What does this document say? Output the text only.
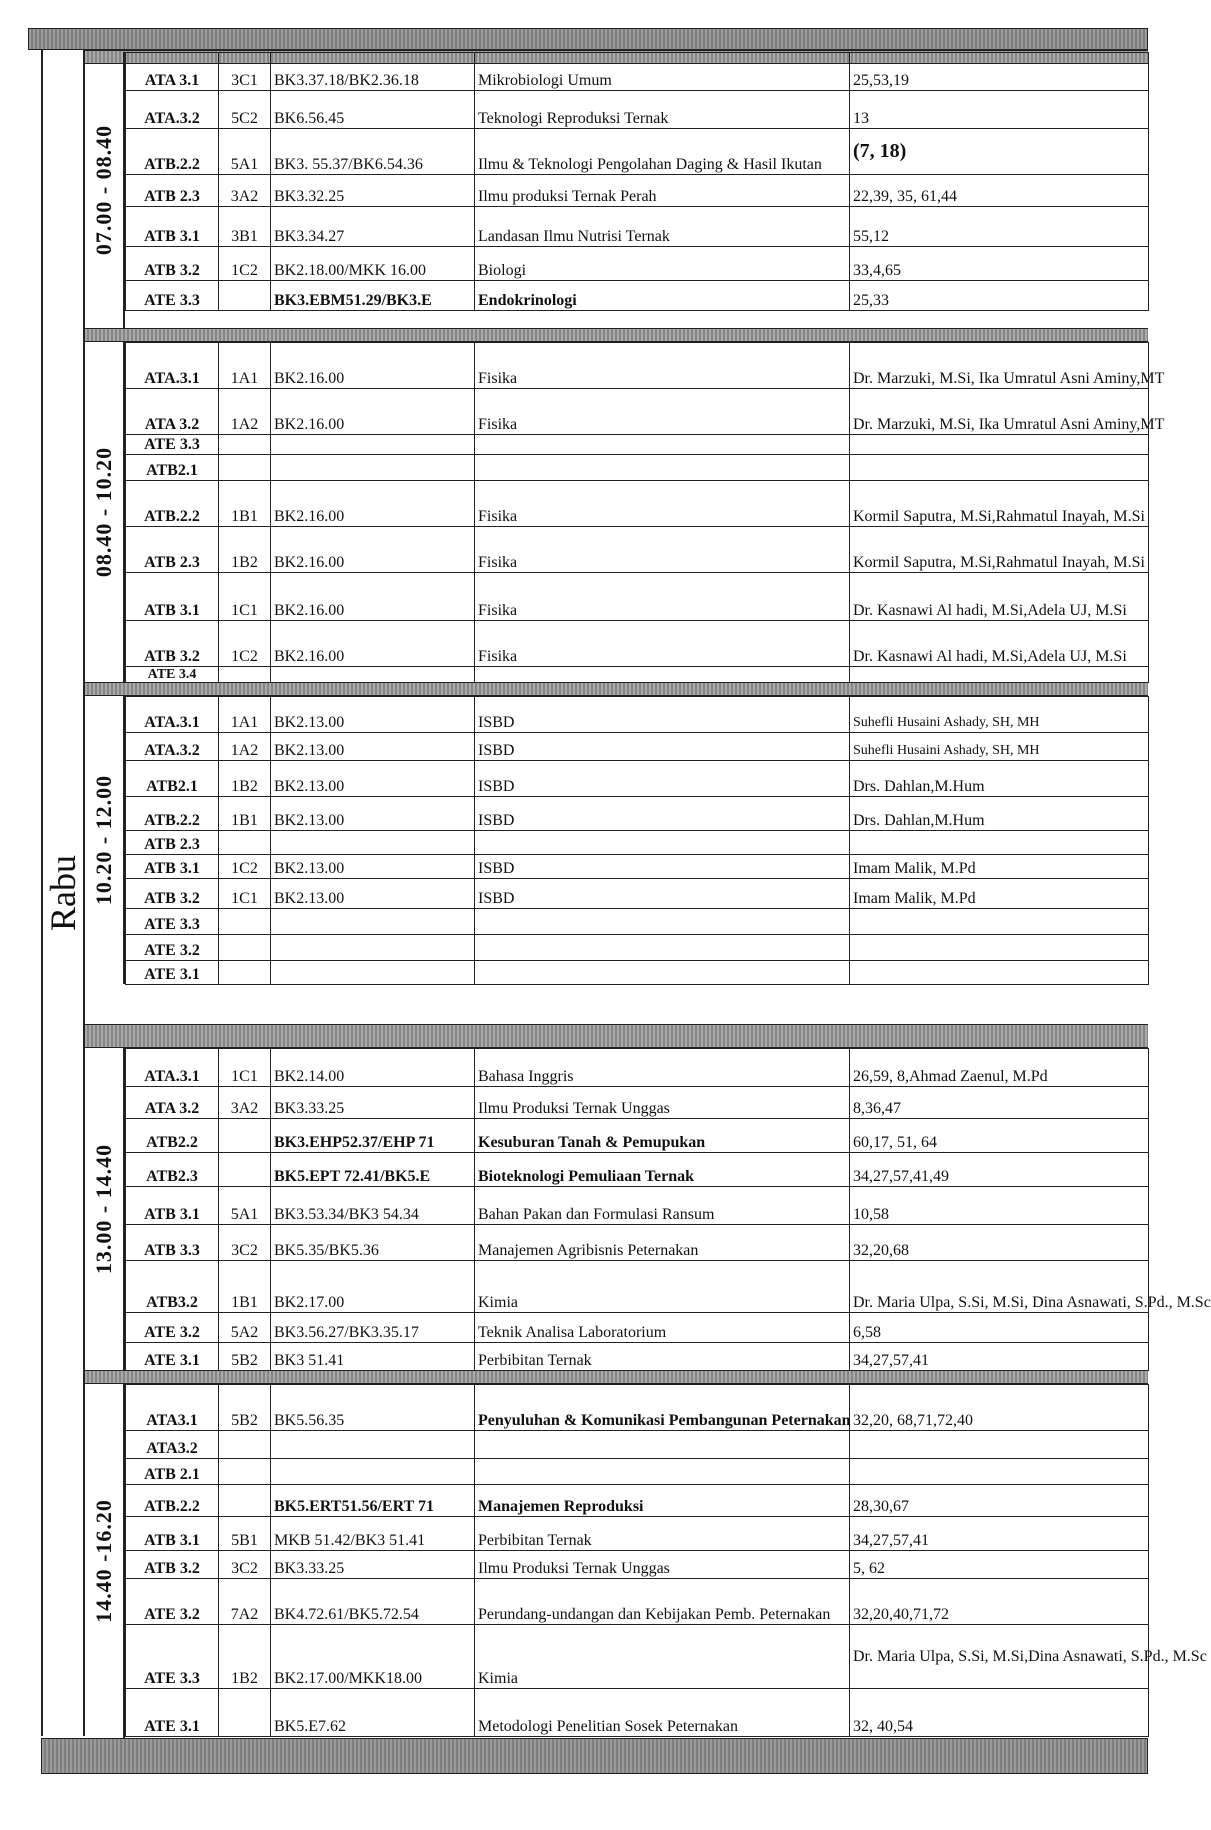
Rabu
07.00 - 08.40
ATA 3.1	3C1	BK3.37.18/BK2.36.18	Mikrobiologi Umum	25,53,19
ATA.3.2	5C2	BK6.56.45	Teknologi Reproduksi Ternak	13
ATB.2.2	5A1	BK3. 55.37/BK6.54.36	Ilmu & Teknologi Pengolahan Daging & Hasil Ikutan	(7, 18)
ATB 2.3	3A2	BK3.32.25	Ilmu produksi Ternak Perah	22,39, 35, 61,44
ATB 3.1	3B1	BK3.34.27	Landasan Ilmu Nutrisi Ternak	55,12
ATB 3.2	1C2	BK2.18.00/MKK 16.00	Biologi	33,4,65
ATE 3.3		BK3.EBM51.29/BK3.E	Endokrinologi	25,33
08.40 - 10.20
ATA.3.1	1A1	BK2.16.00	Fisika	Dr. Marzuki, M.Si, Ika Umratul Asni Aminy,MT
ATA 3.2	1A2	BK2.16.00	Fisika	Dr. Marzuki, M.Si, Ika Umratul Asni Aminy,MT
ATE 3.3				
ATB2.1				
ATB.2.2	1B1	BK2.16.00	Fisika	Kormil Saputra, M.Si,Rahmatul Inayah, M.Si
ATB 2.3	1B2	BK2.16.00	Fisika	Kormil Saputra, M.Si,Rahmatul Inayah, M.Si
ATB 3.1	1C1	BK2.16.00	Fisika	Dr. Kasnawi Al hadi, M.Si,Adela UJ, M.Si
ATB 3.2	1C2	BK2.16.00	Fisika	Dr. Kasnawi Al hadi, M.Si,Adela UJ, M.Si
ATE 3.4				
10.20 - 12.00
ATA.3.1	1A1	BK2.13.00	ISBD	Suhefli Husaini Ashady, SH, MH
ATA.3.2	1A2	BK2.13.00	ISBD	Suhefli Husaini Ashady, SH, MH
ATB2.1	1B2	BK2.13.00	ISBD	Drs. Dahlan,M.Hum
ATB.2.2	1B1	BK2.13.00	ISBD	Drs. Dahlan,M.Hum
ATB 2.3				
ATB 3.1	1C2	BK2.13.00	ISBD	Imam Malik, M.Pd
ATB 3.2	1C1	BK2.13.00	ISBD	Imam Malik, M.Pd
ATE 3.3				
ATE 3.2				
ATE 3.1				
13.00 - 14.40
ATA.3.1	1C1	BK2.14.00	Bahasa Inggris	26,59, 8,Ahmad Zaenul, M.Pd
ATA 3.2	3A2	BK3.33.25	Ilmu Produksi Ternak Unggas	8,36,47
ATB2.2		BK3.EHP52.37/EHP 71	Kesuburan Tanah & Pemupukan	60,17, 51, 64
ATB2.3		BK5.EPT 72.41/BK5.E	Bioteknologi Pemuliaan Ternak	34,27,57,41,49
ATB 3.1	5A1	BK3.53.34/BK3 54.34	Bahan Pakan dan Formulasi Ransum	10,58
ATB 3.3	3C2	BK5.35/BK5.36	Manajemen Agribisnis Peternakan	32,20,68
ATB3.2	1B1	BK2.17.00	Kimia	Dr. Maria Ulpa, S.Si, M.Si, Dina Asnawati, S.Pd., M.Sc
ATE 3.2	5A2	BK3.56.27/BK3.35.17	Teknik Analisa Laboratorium	6,58
ATE 3.1	5B2	BK3 51.41	Perbibitan Ternak	34,27,57,41
14.40 -16.20
ATA3.1	5B2	BK5.56.35	Penyuluhan & Komunikasi Pembangunan Peternakan	32,20, 68,71,72,40
ATA3.2				
ATB 2.1				
ATB.2.2		BK5.ERT51.56/ERT 71	Manajemen Reproduksi	28,30,67
ATB 3.1	5B1	MKB 51.42/BK3 51.41	Perbibitan Ternak	34,27,57,41
ATB 3.2	3C2	BK3.33.25	Ilmu Produksi Ternak Unggas	5, 62
ATE 3.2	7A2	BK4.72.61/BK5.72.54	Perundang-undangan dan Kebijakan Pemb. Peternakan	32,20,40,71,72
ATE 3.3	1B2	BK2.17.00/MKK18.00	Kimia	Dr. Maria Ulpa, S.Si, M.Si,Dina Asnawati, S.Pd., M.Sc
ATE 3.1		BK5.E7.62	Metodologi Penelitian Sosek Peternakan	32, 40,54
